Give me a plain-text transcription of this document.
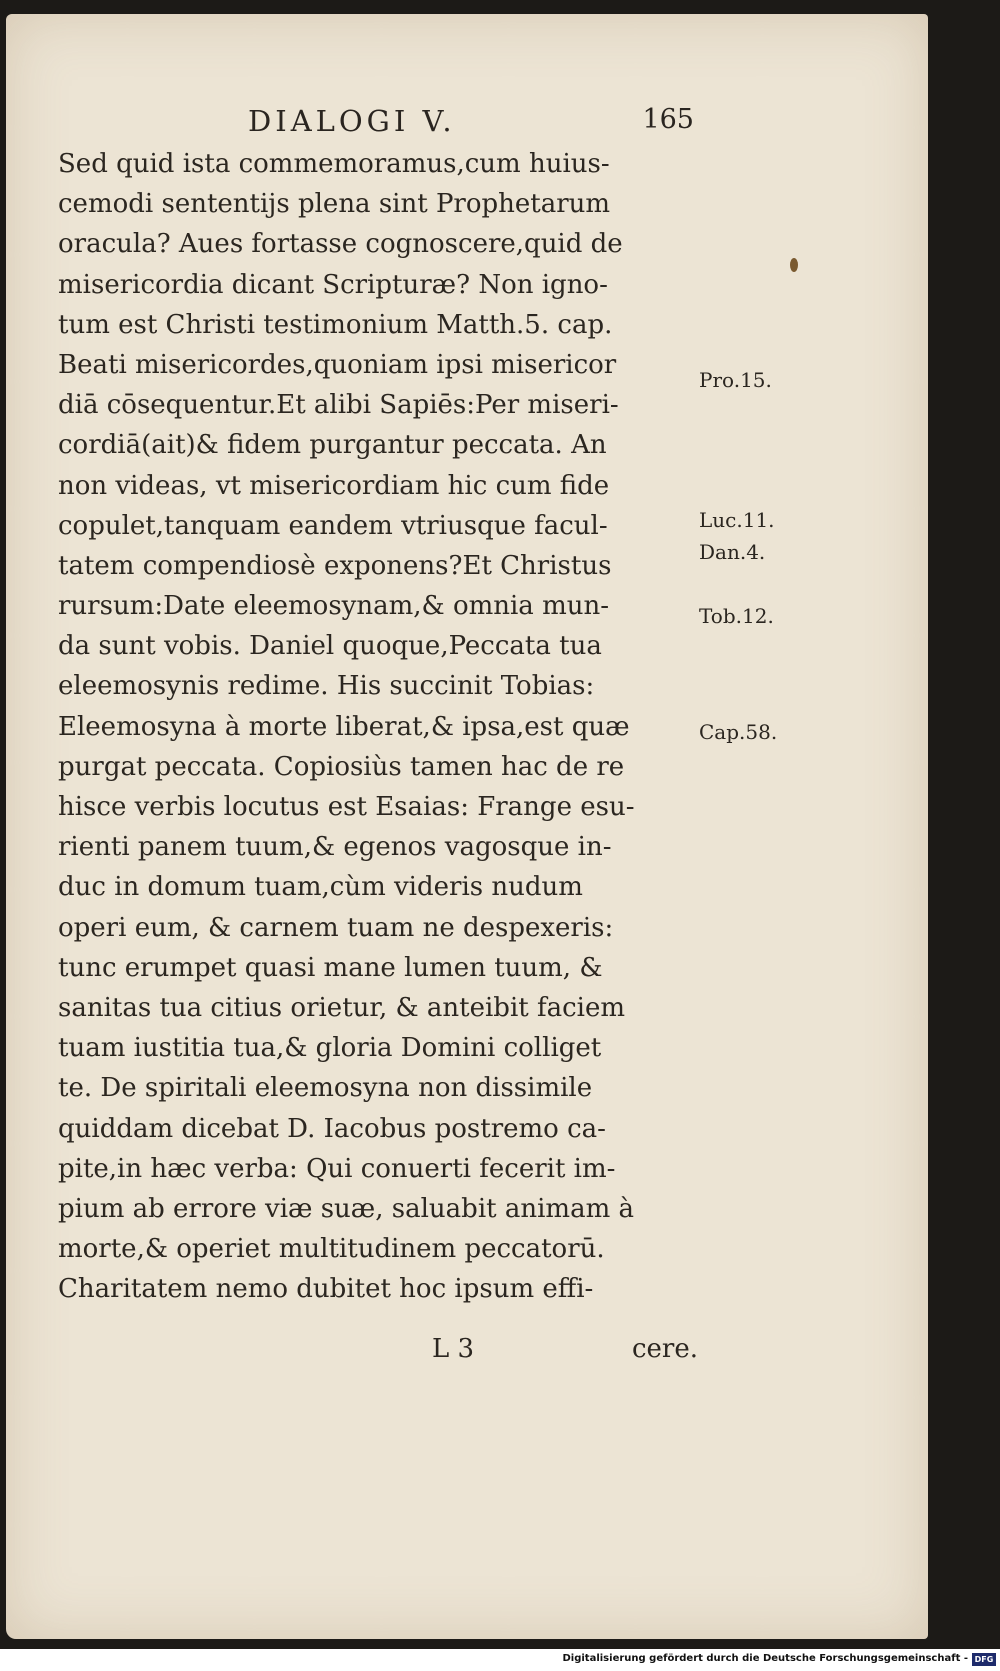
DIALOGI V.	165
Sed quid ista commemoramus,cum huius-
cemodi sententijs plena sint Prophetarum
oracula? Aues fortasse cognoscere,quid de
misericordia dicant Scripturæ? Non igno-
tum est Christi testimonium Matth.5. cap.
Beati misericordes,quoniam ipsi misericor
diā cōsequentur.Et alibi Sapiēs:Per miseri-
cordiā(ait)& fidem purgantur peccata. An
non videas, vt misericordiam hic cum fide
copulet,tanquam eandem vtriusque facul-
tatem compendiosè exponens?Et Christus
rursum:Date eleemosynam,& omnia mun-
da sunt vobis. Daniel quoque,Peccata tua
eleemosynis redime. His succinit Tobias:
Eleemosyna à morte liberat,& ipsa,est quæ
purgat peccata. Copiosiùs tamen hac de re
hisce verbis locutus est Esaias: Frange esu-
rienti panem tuum,& egenos vagosque in-
duc in domum tuam,cùm videris nudum
operi eum, & carnem tuam ne despexeris:
tunc erumpet quasi mane lumen tuum, &
sanitas tua citius orietur, & anteibit faciem
tuam iustitia tua,& gloria Domini colliget
te. De spiritali eleemosyna non dissimile
quiddam dicebat D. Iacobus postremo ca-
pite,in hæc verba: Qui conuerti fecerit im-
pium ab errore viæ suæ, saluabit animam à
morte,& operiet multitudinem peccatorū.
Charitatem nemo dubitet hoc ipsum effi-
Pro.15.
Luc.11.
Dan.4.
Tob.12.
Cap.58.
L 3	cere.
Digitalisierung gefördert durch die Deutsche Forschungsgemeinschaft - DFG
